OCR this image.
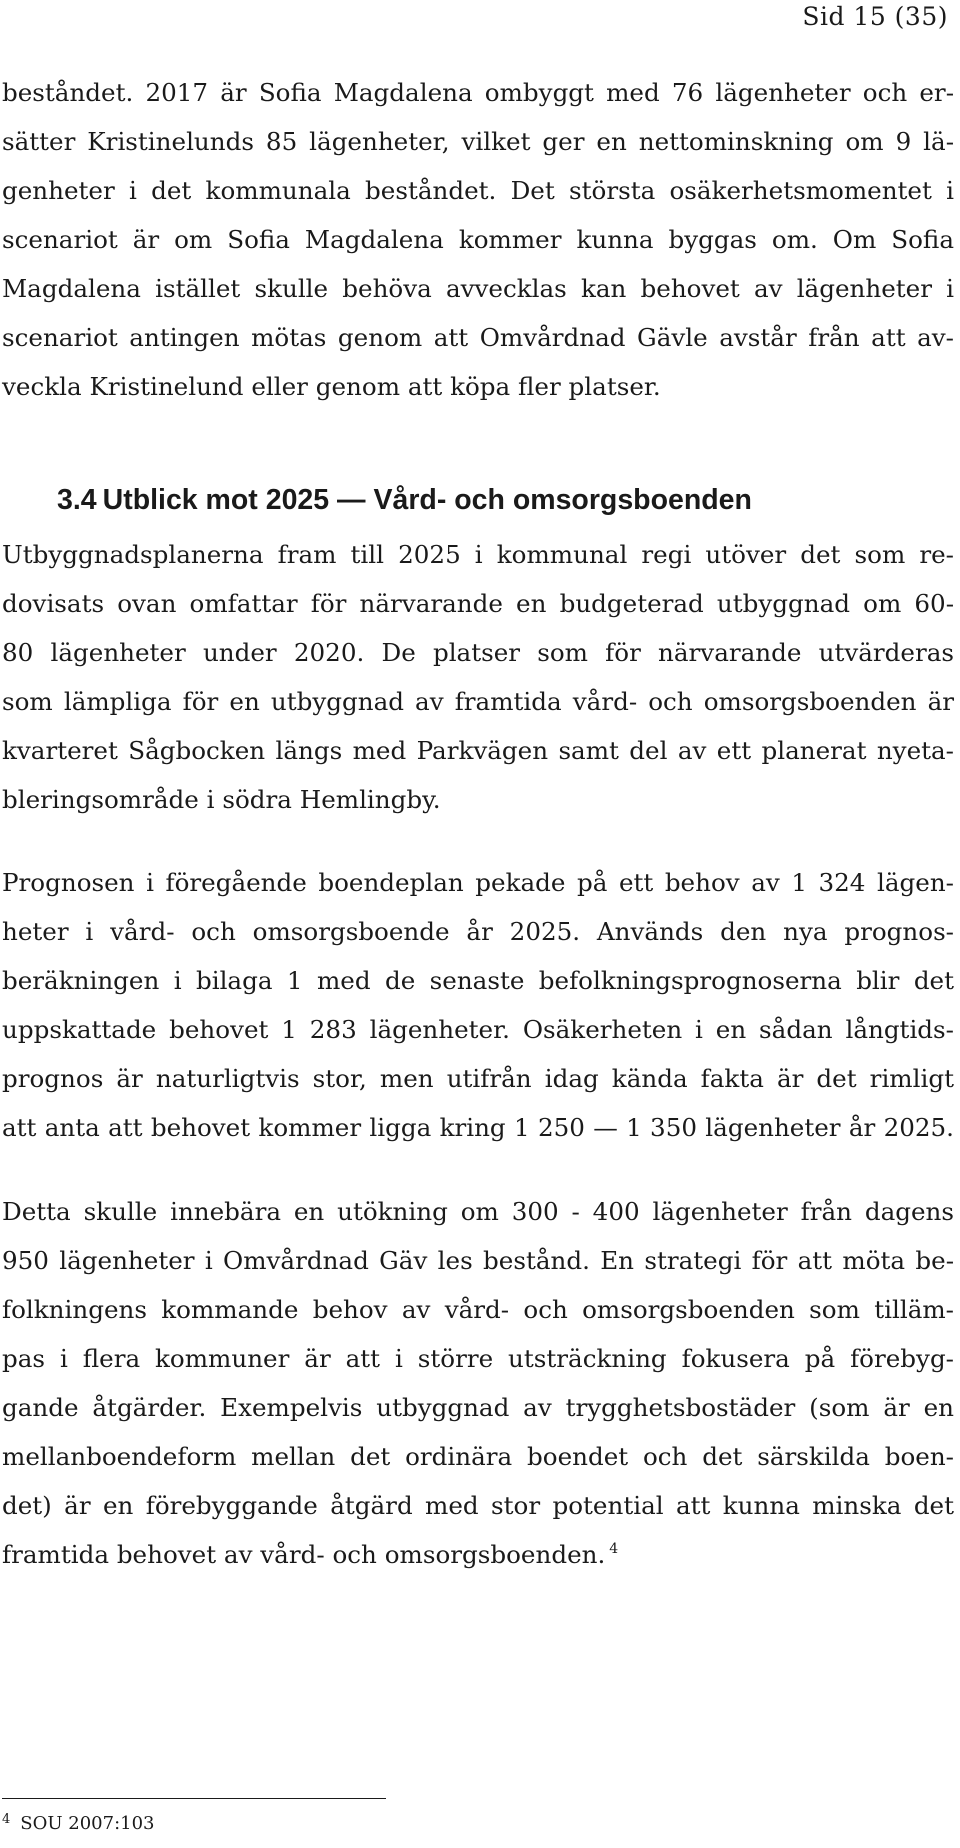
Sid 15 (35)

beståndet. 2017 är Sofia Magdalena ombyggt med 76 lägenheter och er-
sätter Kristinelunds 85 lägenheter, vilket ger en nettominskning om 9 lä-
genheter i det kommunala beståndet. Det största osäkerhetsmomentet i
scenariot är om Sofia Magdalena kommer kunna byggas om. Om Sofia
Magdalena istället skulle behöva avvecklas kan behovet av lägenheter i
scenariot antingen mötas genom att Omvårdnad Gävle avstår från att av-
veckla Kristinelund eller genom att köpa fler platser.

3.4 Utblick mot 2025 — Vård- och omsorgsboenden

Utbyggnadsplanerna fram till 2025 i kommunal regi utöver det som re-
dovisats ovan omfattar för närvarande en budgeterad utbyggnad om 60-
80 lägenheter under 2020. De platser som för närvarande utvärderas
som lämpliga för en utbyggnad av framtida vård- och omsorgsboenden är
kvarteret Sågbocken längs med Parkvägen samt del av ett planerat nyeta-
bleringsområde i södra Hemlingby.

Prognosen i föregående boendeplan pekade på ett behov av 1 324 lägen-
heter i vård- och omsorgsboende år 2025. Används den nya prognos-
beräkningen i bilaga 1 med de senaste befolkningsprognoserna blir det
uppskattade behovet 1 283 lägenheter. Osäkerheten i en sådan långtids-
prognos är naturligtvis stor, men utifrån idag kända fakta är det rimligt
att anta att behovet kommer ligga kring 1 250 — 1 350 lägenheter år 2025.

Detta skulle innebära en utökning om 300 - 400 lägenheter från dagens
950 lägenheter i Omvårdnad Gäv les bestånd. En strategi för att möta be-
folkningens kommande behov av vård- och omsorgsboenden som tilläm-
pas i flera kommuner är att i större utsträckning fokusera på förebyg-
gande åtgärder. Exempelvis utbyggnad av trygghetsbostäder (som är en
mellanboendeform mellan det ordinära boendet och det särskilda boen-
det) är en förebyggande åtgärd med stor potential att kunna minska det
framtida behovet av vård- och omsorgsboenden. $^4$

$^4$ SOU 2007:103
